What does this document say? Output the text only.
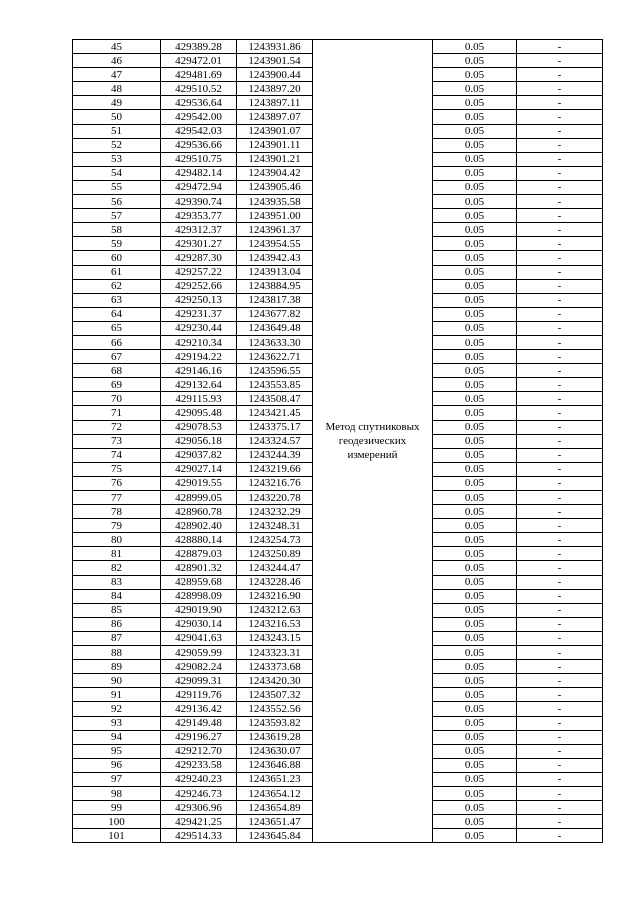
45	429389.28	1243931.86	Метод спутниковых геодезических измерений	0.05	-
46	429472.01	1243901.54		0.05	-
47	429481.69	1243900.44		0.05	-
48	429510.52	1243897.20		0.05	-
49	429536.64	1243897.11		0.05	-
50	429542.00	1243897.07		0.05	-
51	429542.03	1243901.07		0.05	-
52	429536.66	1243901.11		0.05	-
53	429510.75	1243901.21		0.05	-
54	429482.14	1243904.42		0.05	-
55	429472.94	1243905.46		0.05	-
56	429390.74	1243935.58		0.05	-
57	429353.77	1243951.00		0.05	-
58	429312.37	1243961.37		0.05	-
59	429301.27	1243954.55		0.05	-
60	429287.30	1243942.43		0.05	-
61	429257.22	1243913.04		0.05	-
62	429252.66	1243884.95		0.05	-
63	429250.13	1243817.38		0.05	-
64	429231.37	1243677.82		0.05	-
65	429230.44	1243649.48		0.05	-
66	429210.34	1243633.30		0.05	-
67	429194.22	1243622.71		0.05	-
68	429146.16	1243596.55		0.05	-
69	429132.64	1243553.85		0.05	-
70	429115.93	1243508.47		0.05	-
71	429095.48	1243421.45		0.05	-
72	429078.53	1243375.17		0.05	-
73	429056.18	1243324.57		0.05	-
74	429037.82	1243244.39		0.05	-
75	429027.14	1243219.66		0.05	-
76	429019.55	1243216.76		0.05	-
77	428999.05	1243220.78		0.05	-
78	428960.78	1243232.29		0.05	-
79	428902.40	1243248.31		0.05	-
80	428880.14	1243254.73		0.05	-
81	428879.03	1243250.89		0.05	-
82	428901.32	1243244.47		0.05	-
83	428959.68	1243228.46		0.05	-
84	428998.09	1243216.90		0.05	-
85	429019.90	1243212.63		0.05	-
86	429030.14	1243216.53		0.05	-
87	429041.63	1243243.15		0.05	-
88	429059.99	1243323.31		0.05	-
89	429082.24	1243373.68		0.05	-
90	429099.31	1243420.30		0.05	-
91	429119.76	1243507.32		0.05	-
92	429136.42	1243552.56		0.05	-
93	429149.48	1243593.82		0.05	-
94	429196.27	1243619.28		0.05	-
95	429212.70	1243630.07		0.05	-
96	429233.58	1243646.88		0.05	-
97	429240.23	1243651.23		0.05	-
98	429246.73	1243654.12		0.05	-
99	429306.96	1243654.89		0.05	-
100	429421.25	1243651.47		0.05	-
101	429514.33	1243645.84		0.05	-
